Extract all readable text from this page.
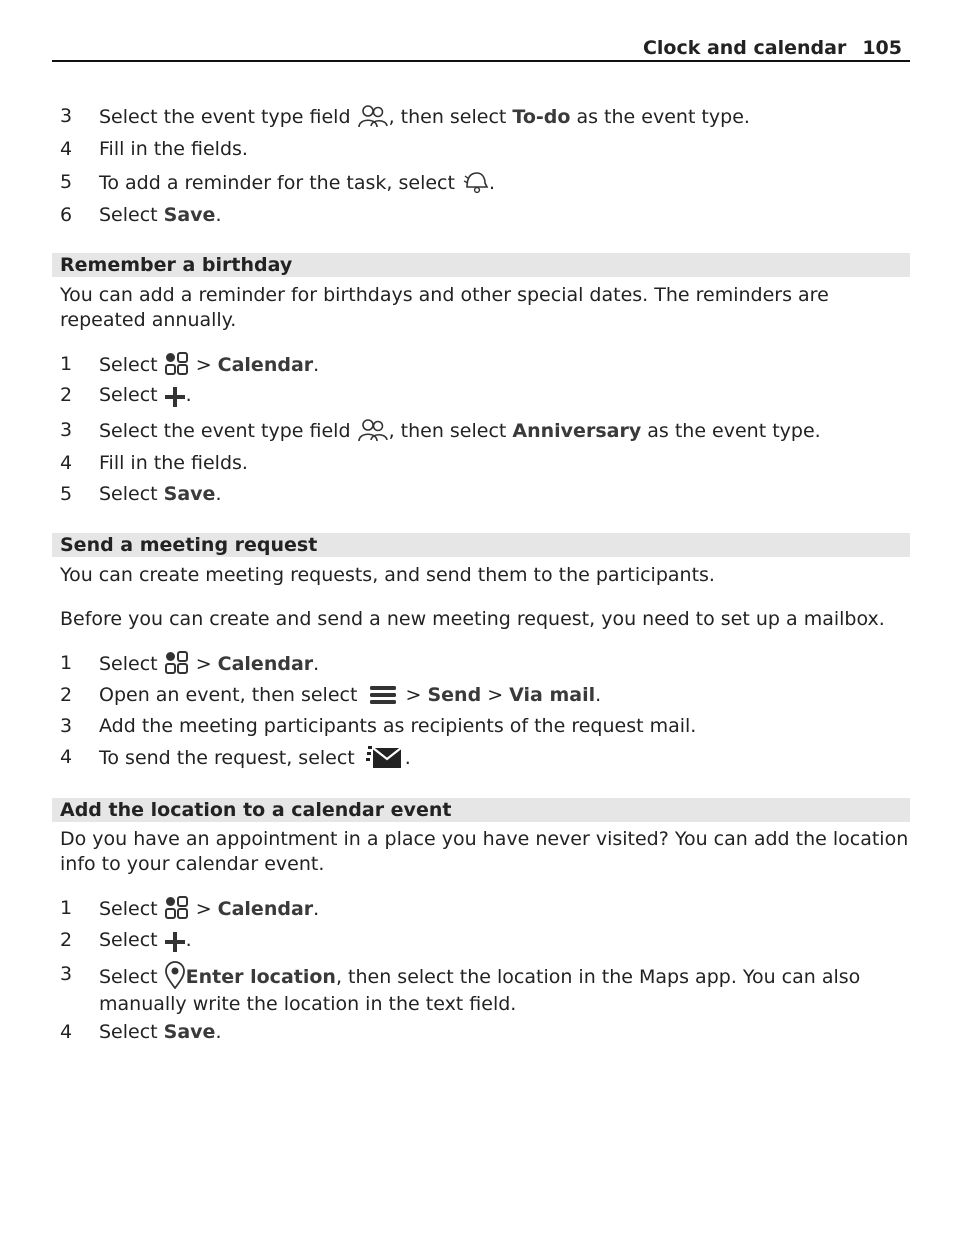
Clock and calendar 105
3	Select the event type field
, then select To-do as the event type.
4	Fill in the fields.
5	To add a reminder for the task, select
.
6	Select Save.
Remember a birthday
You can add a reminder for birthdays and other special dates. The reminders are repeated annually.
1	Select
> Calendar.
2	Select
.
3	Select the event type field
, then select Anniversary as the event type.
4	Fill in the fields.
5	Select Save.
Send a meeting request
You can create meeting requests, and send them to the participants.
Before you can create and send a new meeting request, you need to set up a mailbox.
1	Select
> Calendar.
2	Open an event, then select
> Send > Via mail.
3	Add the meeting participants as recipients of the request mail.
4	To send the request, select
.
Add the location to a calendar event
Do you have an appointment in a place you have never visited? You can add the location info to your calendar event.
1	Select
> Calendar.
2	Select
.
3	Select
Enter location, then select the location in the Maps app. You can also manually write the location in the text field.
4	Select Save.
